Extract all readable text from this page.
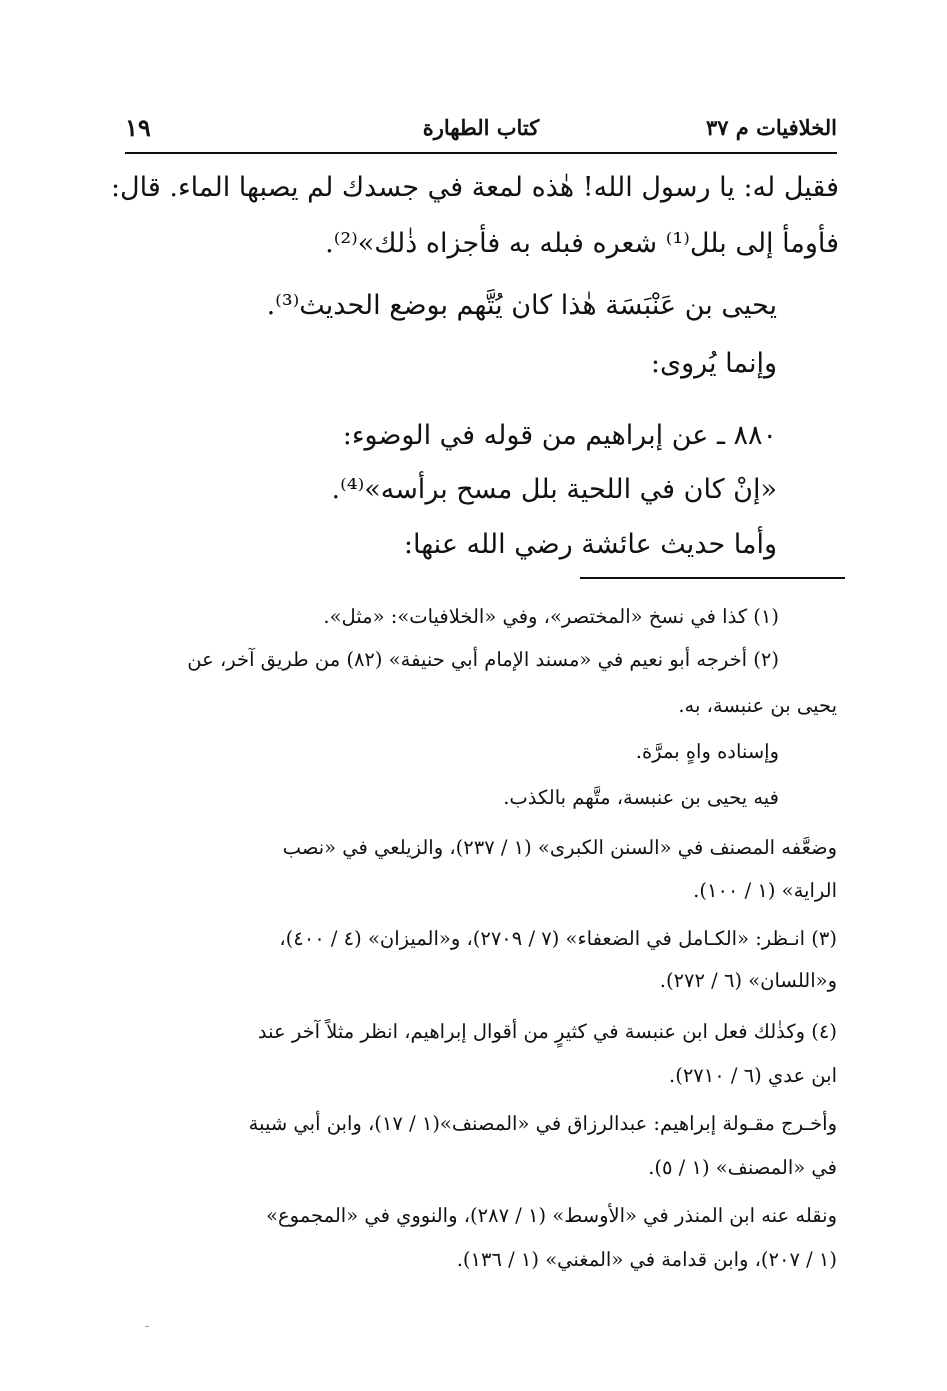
الخلافيات م ٣٧
كتاب الطهارة
١٩
فقيل له: يا رسول الله! هٰذه لمعة في جسدك لم يصبها الماء. قال:
فأومأ إلى بلل⁽¹⁾ شعره فبله به فأجزاه ذٰلك»⁽²⁾.
يحيى بن عَنْبَسَة هٰذا كان يُتَّهم بوضع الحديث⁽³⁾.
وإنما يُروى:
٨٨٠ ـ عن إبراهيم من قوله في الوضوء:
«إنْ كان في اللحية بلل مسح برأسه»⁽⁴⁾.
وأما حديث عائشة رضي الله عنها:
(١) كذا في نسخ «المختصر»، وفي «الخلافيات»: «مثل».
(٢) أخرجه أبو نعيم في «مسند الإمام أبي حنيفة» (٨٢) من طريق آخر، عن
يحيى بن عنبسة، به.
وإسناده واهٍ بمرَّة.
فيه يحيى بن عنبسة، متَّهم بالكذب.
وضعَّفه المصنف في «السنن الكبرى» (١ / ٢٣٧)، والزيلعي في «نصب
الراية» (١ / ١٠٠).
(٣) انـظر: «الكـامل في الضعفاء» (٧ / ٢٧٠٩)، و«الميزان» (٤ / ٤٠٠)،
و«اللسان» (٦ / ٢٧٢).
(٤) وكذٰلك فعل ابن عنبسة في كثيرٍ من أقوال إبراهيم، انظر مثلاً آخر عند
ابن عدي (٦ / ٢٧١٠).
وأخـرج مقـولة إبراهيم: عبدالرزاق في «المصنف»(١ / ١٧)، وابن أبي شيبة
في «المصنف» (١ / ٥).
ونقله عنه ابن المنذر في «الأوسط» (١ / ٢٨٧)، والنووي في «المجموع»
(١ / ٢٠٧)، وابن قدامة في «المغني» (١ / ١٣٦).
